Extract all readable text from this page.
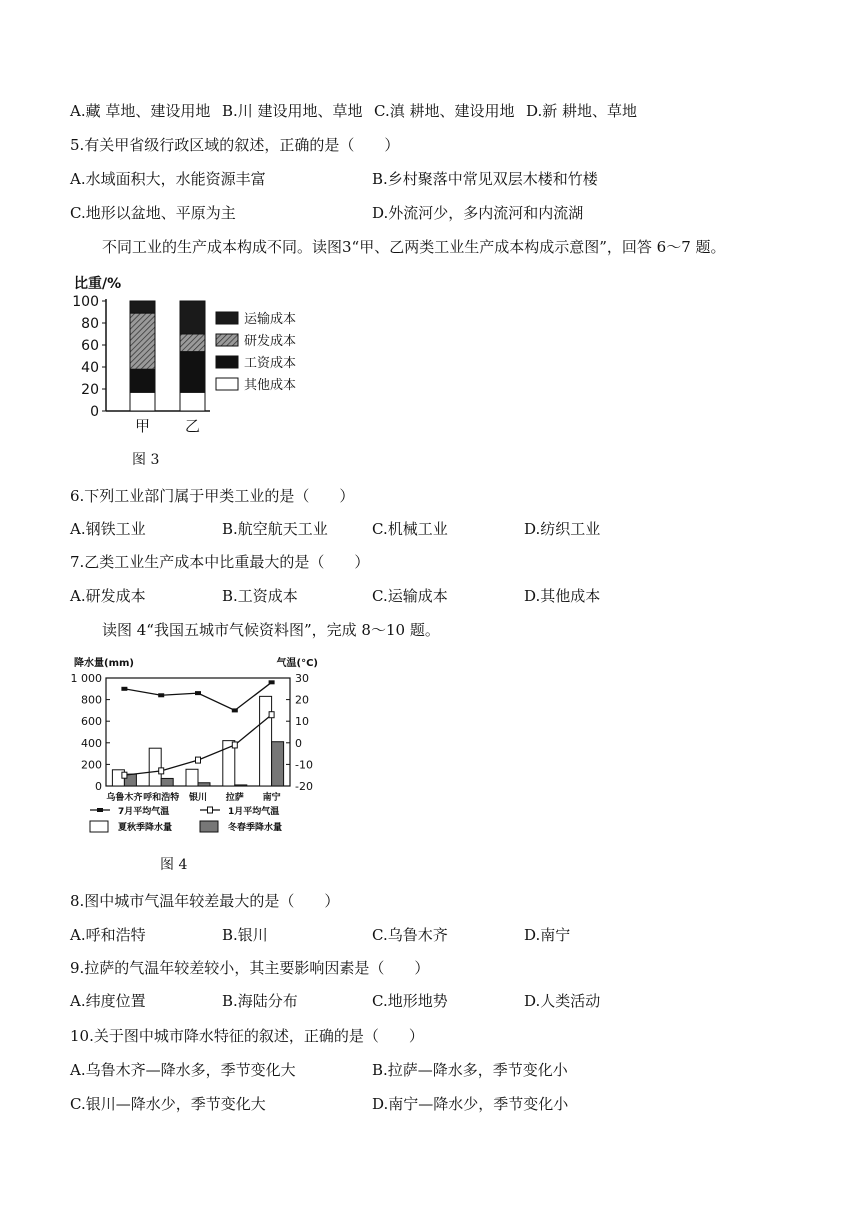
A.藏 草地、建设用地 B.川 建设用地、草地 C.滇 耕地、建设用地 D.新 耕地、草地
5.有关甲省级行政区域的叙述，正确的是（　　）
A.水域面积大，水能资源丰富	B.乡村聚落中常见双层木楼和竹楼
C.地形以盆地、平原为主	D.外流河少，多内流河和内流湖
不同工业的生产成本构成不同。读图3“甲、乙两类工业生产成本构成示意图”，回答 6～7 题。
比重/%
0
20
40
60
80
100
甲 乙
运输成本
研发成本
工资成本
其他成本
图 3
6.下列工业部门属于甲类工业的是（　　）
A.钢铁工业	B.航空航天工业	C.机械工业	D.纺织工业
7.乙类工业生产成本中比重最大的是（　　）
A.研发成本	B.工资成本	C.运输成本	D.其他成本
读图 4“我国五城市气候资料图”，完成 8～10 题。
降水量(mm)	气温(°C)
0
200
400
600
800
1 000
-20
-10
0
10
20
30
乌鲁木齐 呼和浩特 银川 拉萨 南宁
7月平均气温	1月平均气温
夏秋季降水量	冬春季降水量
图 4
8.图中城市气温年较差最大的是（　　）
A.呼和浩特	B.银川	C.乌鲁木齐	D.南宁
9.拉萨的气温年较差较小，其主要影响因素是（　　）
A.纬度位置	B.海陆分布	C.地形地势	D.人类活动
10.关于图中城市降水特征的叙述，正确的是（　　）
A.乌鲁木齐—降水多，季节变化大	B.拉萨—降水多，季节变化小
C.银川—降水少，季节变化大	D.南宁—降水少，季节变化小
